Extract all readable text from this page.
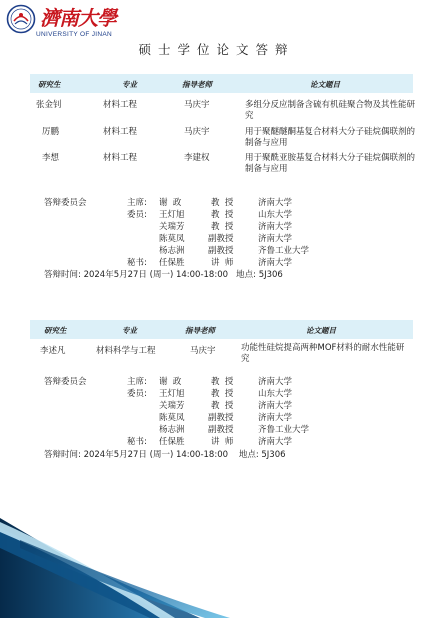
濟南大學
UNIVERSITY OF JINAN
硕士学位论文答辩
研究生	专业	指导老师	论文题目
张金钊	材料工程	马庆宇	多组分反应制备含硫有机硅聚合物及其性能研究
厉鹏	材料工程	马庆宇	用于聚醚醚酮基复合材料大分子硅烷偶联剂的制备与应用
李想	材料工程	李建权	用于聚酰亚胺基复合材料大分子硅烷偶联剂的制备与应用
答辩委员会	主席: 谢  政	教  授	济南大学
委员: 王灯旭	教  授	山东大学
关瑞芳	教  授	济南大学
陈莫凤	副教授	济南大学
杨志洲	副教授	齐鲁工业大学
秘书: 任保胜	讲  师	济南大学
答辩时间: 2024年5月27日 (周一) 14:00-18:00   地点: 5J306
研究生	专业	指导老师	论文题目
李述凡	材料科学与工程	马庆宇	功能性硅烷提高两种MOF材料的耐水性能研究
答辩委员会	主席: 谢  政	教  授	济南大学
委员: 王灯旭	教  授	山东大学
关瑞芳	教  授	济南大学
陈莫凤	副教授	济南大学
杨志洲	副教授	齐鲁工业大学
秘书: 任保胜	讲  师	济南大学
答辩时间: 2024年5月27日 (周一) 14:00-18:00    地点: 5J306
